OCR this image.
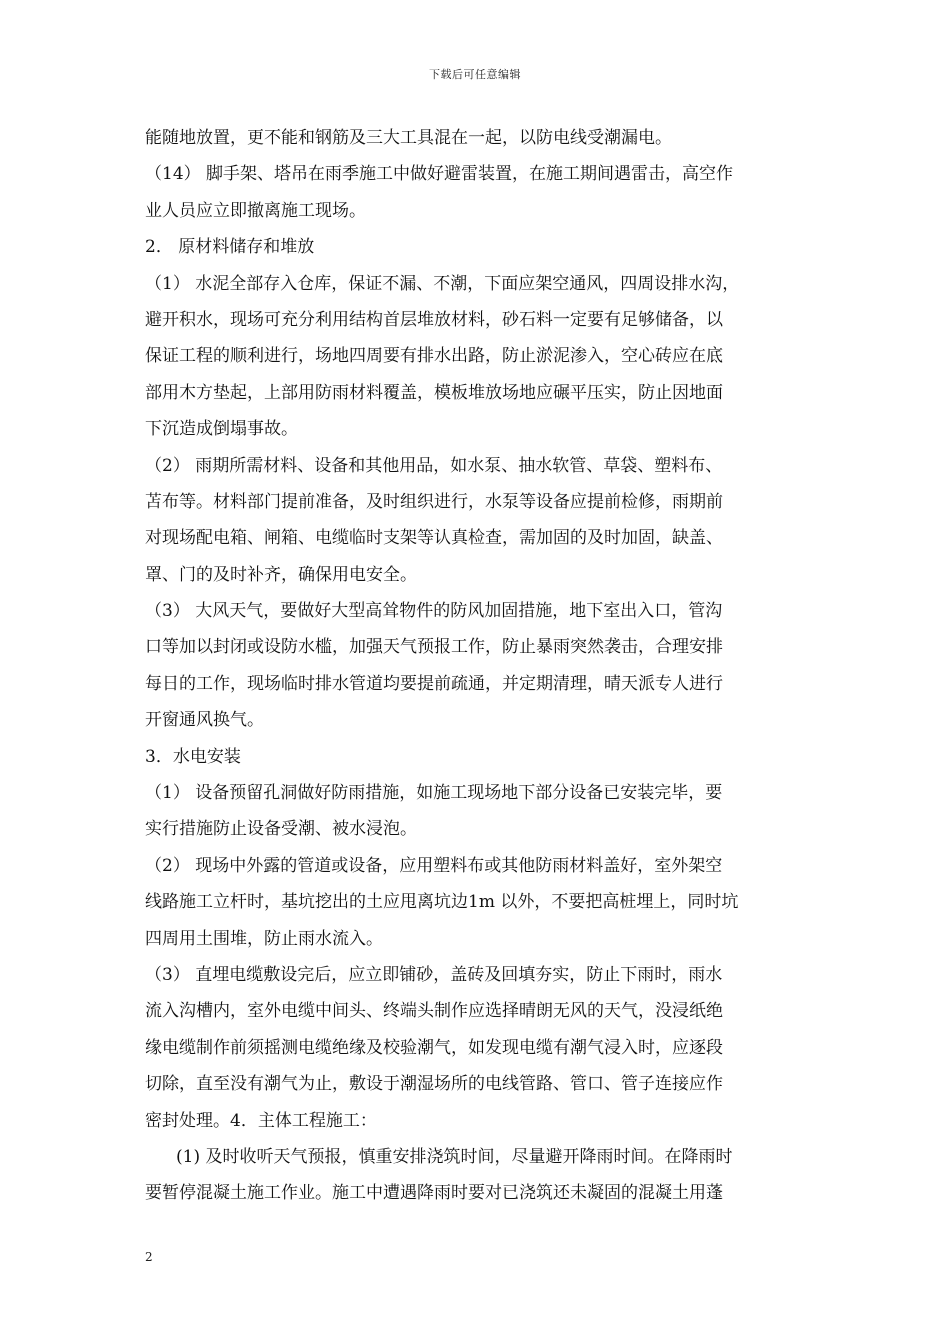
下载后可任意编辑
能随地放置，更不能和钢筋及三大工具混在一起，以防电线受潮漏电。
（14） 脚手架、塔吊在雨季施工中做好避雷装置，在施工期间遇雷击，高空作
业人员应立即撤离施工现场。
2． 原材料储存和堆放
（1） 水泥全部存入仓库，保证不漏、不潮，下面应架空通风，四周设排水沟，
避开积水，现场可充分利用结构首层堆放材料，砂石料一定要有足够储备，以
保证工程的顺利进行，场地四周要有排水出路，防止淤泥渗入，空心砖应在底
部用木方垫起，上部用防雨材料覆盖，模板堆放场地应碾平压实，防止因地面
下沉造成倒塌事故。
（2） 雨期所需材料、设备和其他用品，如水泵、抽水软管、草袋、塑料布、
苫布等。材料部门提前准备，及时组织进行，水泵等设备应提前检修，雨期前
对现场配电箱、闸箱、电缆临时支架等认真检查，需加固的及时加固，缺盖、
罩、门的及时补齐，确保用电安全。
（3） 大风天气，要做好大型高耸物件的防风加固措施，地下室出入口，管沟
口等加以封闭或设防水槛，加强天气预报工作，防止暴雨突然袭击，合理安排
每日的工作，现场临时排水管道均要提前疏通，并定期清理，晴天派专人进行
开窗通风换气。
3．水电安装
（1） 设备预留孔洞做好防雨措施，如施工现场地下部分设备已安装完毕，要
实行措施防止设备受潮、被水浸泡。
（2） 现场中外露的管道或设备，应用塑料布或其他防雨材料盖好，室外架空
线路施工立杆时，基坑挖出的土应甩离坑边1m 以外，不要把高桩埋上，同时坑
四周用土围堆，防止雨水流入。
（3） 直埋电缆敷设完后，应立即铺砂，盖砖及回填夯实，防止下雨时，雨水
流入沟槽内，室外电缆中间头、终端头制作应选择晴朗无风的天气，没浸纸绝
缘电缆制作前须摇测电缆绝缘及校验潮气，如发现电缆有潮气浸入时，应逐段
切除，直至没有潮气为止，敷设于潮湿场所的电线管路、管口、管子连接应作
密封处理。4．主体工程施工：
(1) 及时收听天气预报，慎重安排浇筑时间，尽量避开降雨时间。在降雨时
要暂停混凝土施工作业。施工中遭遇降雨时要对已浇筑还未凝固的混凝土用蓬
2
